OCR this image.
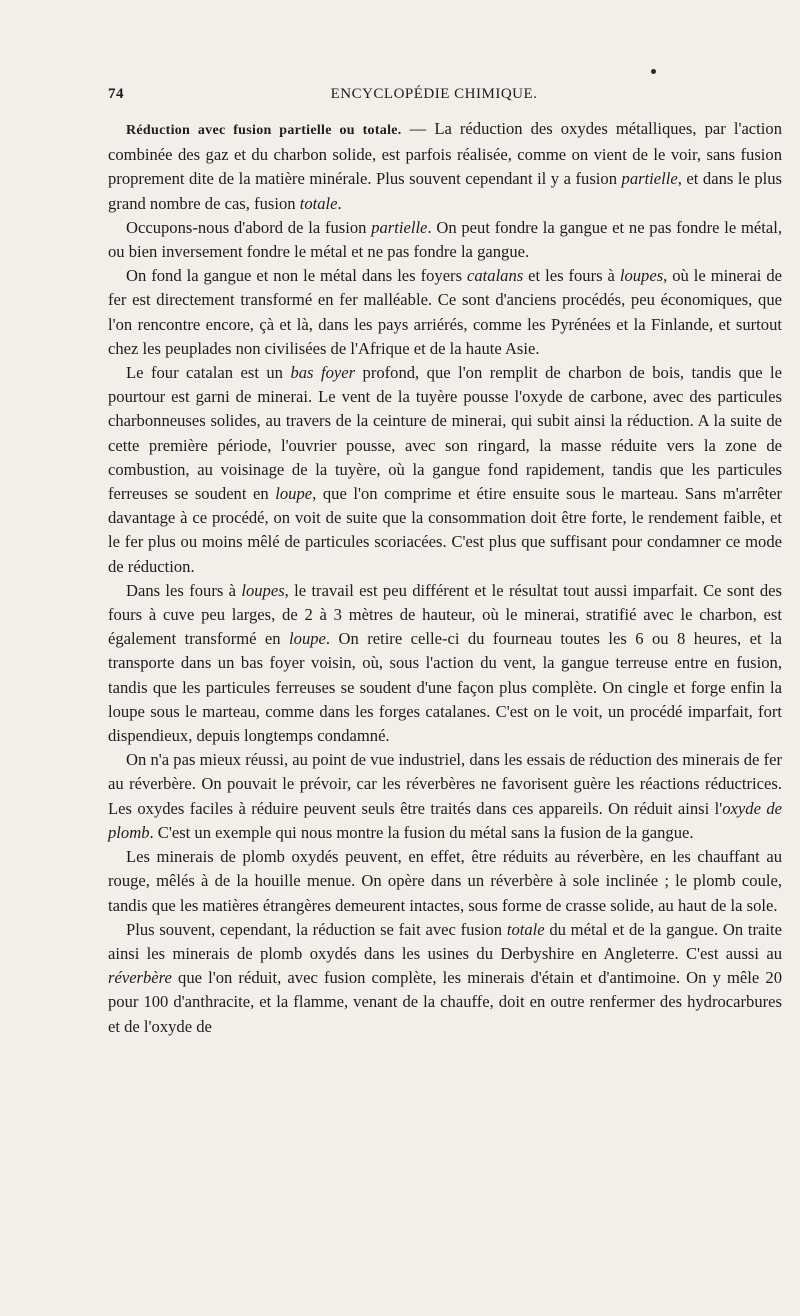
74	ENCYCLOPÉDIE CHIMIQUE.

Réduction avec fusion partielle ou totale. — La réduction des oxydes métalliques, par l'action combinée des gaz et du charbon solide, est parfois réalisée, comme on vient de le voir, sans fusion proprement dite de la matière minérale. Plus souvent cependant il y a fusion partielle, et dans le plus grand nombre de cas, fusion totale.

Occupons-nous d'abord de la fusion partielle. On peut fondre la gangue et ne pas fondre le métal, ou bien inversement fondre le métal et ne pas fondre la gangue.

On fond la gangue et non le métal dans les foyers catalans et les fours à loupes, où le minerai de fer est directement transformé en fer malléable. Ce sont d'anciens procédés, peu économiques, que l'on rencontre encore, çà et là, dans les pays arriérés, comme les Pyrénées et la Finlande, et surtout chez les peuplades non civilisées de l'Afrique et de la haute Asie.

Le four catalan est un bas foyer profond, que l'on remplit de charbon de bois, tandis que le pourtour est garni de minerai. Le vent de la tuyère pousse l'oxyde de carbone, avec des particules charbonneuses solides, au travers de la ceinture de minerai, qui subit ainsi la réduction. A la suite de cette première période, l'ouvrier pousse, avec son ringard, la masse réduite vers la zone de combustion, au voisinage de la tuyère, où la gangue fond rapidement, tandis que les particules ferreuses se soudent en loupe, que l'on comprime et étire ensuite sous le marteau. Sans m'arrêter davantage à ce procédé, on voit de suite que la consommation doit être forte, le rendement faible, et le fer plus ou moins mêlé de particules scoriacées. C'est plus que suffisant pour condamner ce mode de réduction.

Dans les fours à loupes, le travail est peu différent et le résultat tout aussi imparfait. Ce sont des fours à cuve peu larges, de 2 à 3 mètres de hauteur, où le minerai, stratifié avec le charbon, est également transformé en loupe. On retire celle-ci du fourneau toutes les 6 ou 8 heures, et la transporte dans un bas foyer voisin, où, sous l'action du vent, la gangue terreuse entre en fusion, tandis que les particules ferreuses se soudent d'une façon plus complète. On cingle et forge enfin la loupe sous le marteau, comme dans les forges catalanes. C'est on le voit, un procédé imparfait, fort dispendieux, depuis longtemps condamné.

On n'a pas mieux réussi, au point de vue industriel, dans les essais de réduction des minerais de fer au réverbère. On pouvait le prévoir, car les réverbères ne favorisent guère les réactions réductrices. Les oxydes faciles à réduire peuvent seuls être traités dans ces appareils. On réduit ainsi l'oxyde de plomb. C'est un exemple qui nous montre la fusion du métal sans la fusion de la gangue.

Les minerais de plomb oxydés peuvent, en effet, être réduits au réverbère, en les chauffant au rouge, mêlés à de la houille menue. On opère dans un réverbère à sole inclinée ; le plomb coule, tandis que les matières étrangères demeurent intactes, sous forme de crasse solide, au haut de la sole.

Plus souvent, cependant, la réduction se fait avec fusion totale du métal et de la gangue. On traite ainsi les minerais de plomb oxydés dans les usines du Derbyshire en Angleterre. C'est aussi au réverbère que l'on réduit, avec fusion complète, les minerais d'étain et d'antimoine. On y mêle 20 pour 100 d'anthracite, et la flamme, venant de la chauffe, doit en outre renfermer des hydrocarbures et de l'oxyde de
